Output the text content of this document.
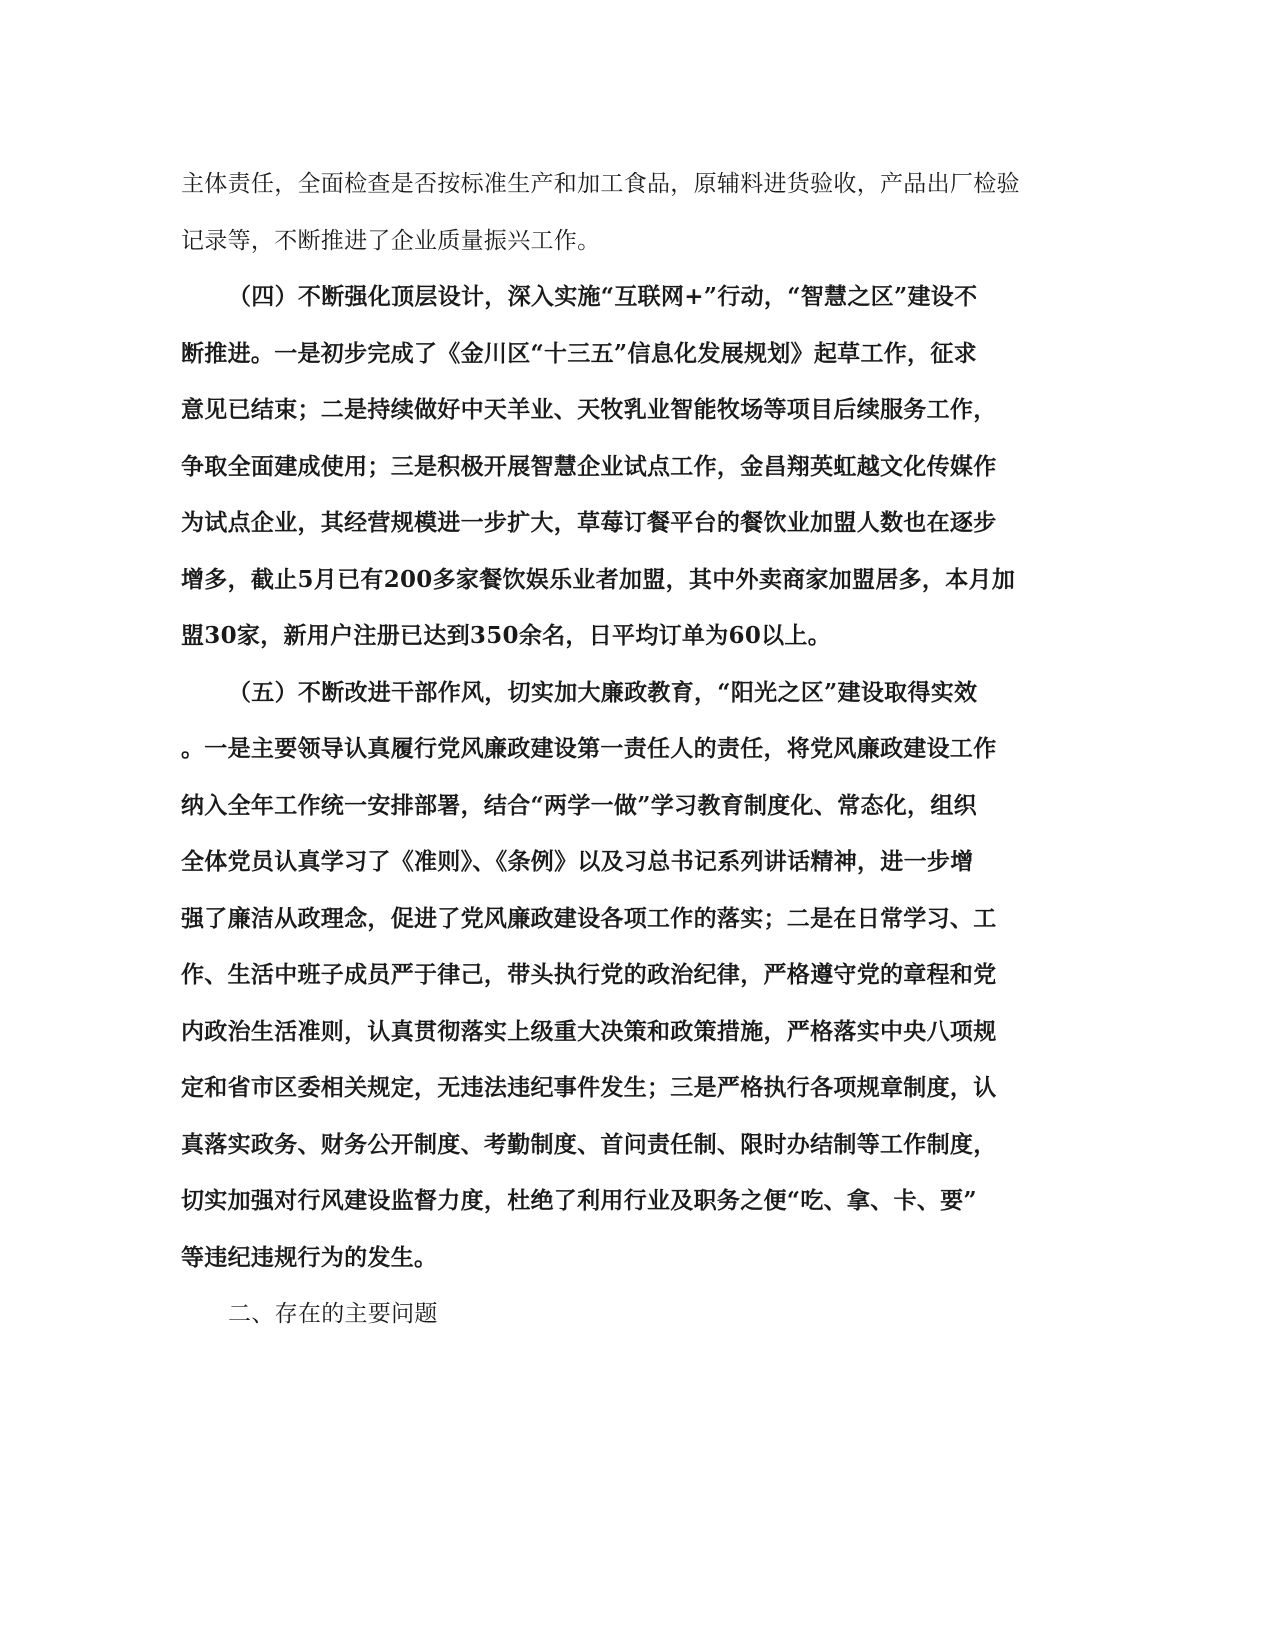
主体责任，全面检查是否按标准生产和加工食品，原辅料进货验收，产品出厂检验
记录等，不断推进了企业质量振兴工作。
（四）不断强化顶层设计，深入实施“互联网+”行动，“智慧之区”建设不
断推进。一是初步完成了《金川区“十三五”信息化发展规划》起草工作，征求
意见已结束；二是持续做好中天羊业、天牧乳业智能牧场等项目后续服务工作，
争取全面建成使用；三是积极开展智慧企业试点工作，金昌翔英虹越文化传媒作
为试点企业，其经营规模进一步扩大，草莓订餐平台的餐饮业加盟人数也在逐步
增多，截止5月已有200多家餐饮娱乐业者加盟，其中外卖商家加盟居多，本月加
盟30家，新用户注册已达到350余名，日平均订单为60以上。
（五）不断改进干部作风，切实加大廉政教育，“阳光之区”建设取得实效
。一是主要领导认真履行党风廉政建设第一责任人的责任，将党风廉政建设工作
纳入全年工作统一安排部署，结合“两学一做”学习教育制度化、常态化，组织
全体党员认真学习了《准则》、《条例》以及习总书记系列讲话精神，进一步增
强了廉洁从政理念，促进了党风廉政建设各项工作的落实；二是在日常学习、工
作、生活中班子成员严于律己，带头执行党的政治纪律，严格遵守党的章程和党
内政治生活准则，认真贯彻落实上级重大决策和政策措施，严格落实中央八项规
定和省市区委相关规定，无违法违纪事件发生；三是严格执行各项规章制度，认
真落实政务、财务公开制度、考勤制度、首问责任制、限时办结制等工作制度，
切实加强对行风建设监督力度，杜绝了利用行业及职务之便“吃、拿、卡、要”
等违纪违规行为的发生。
二、存在的主要问题
